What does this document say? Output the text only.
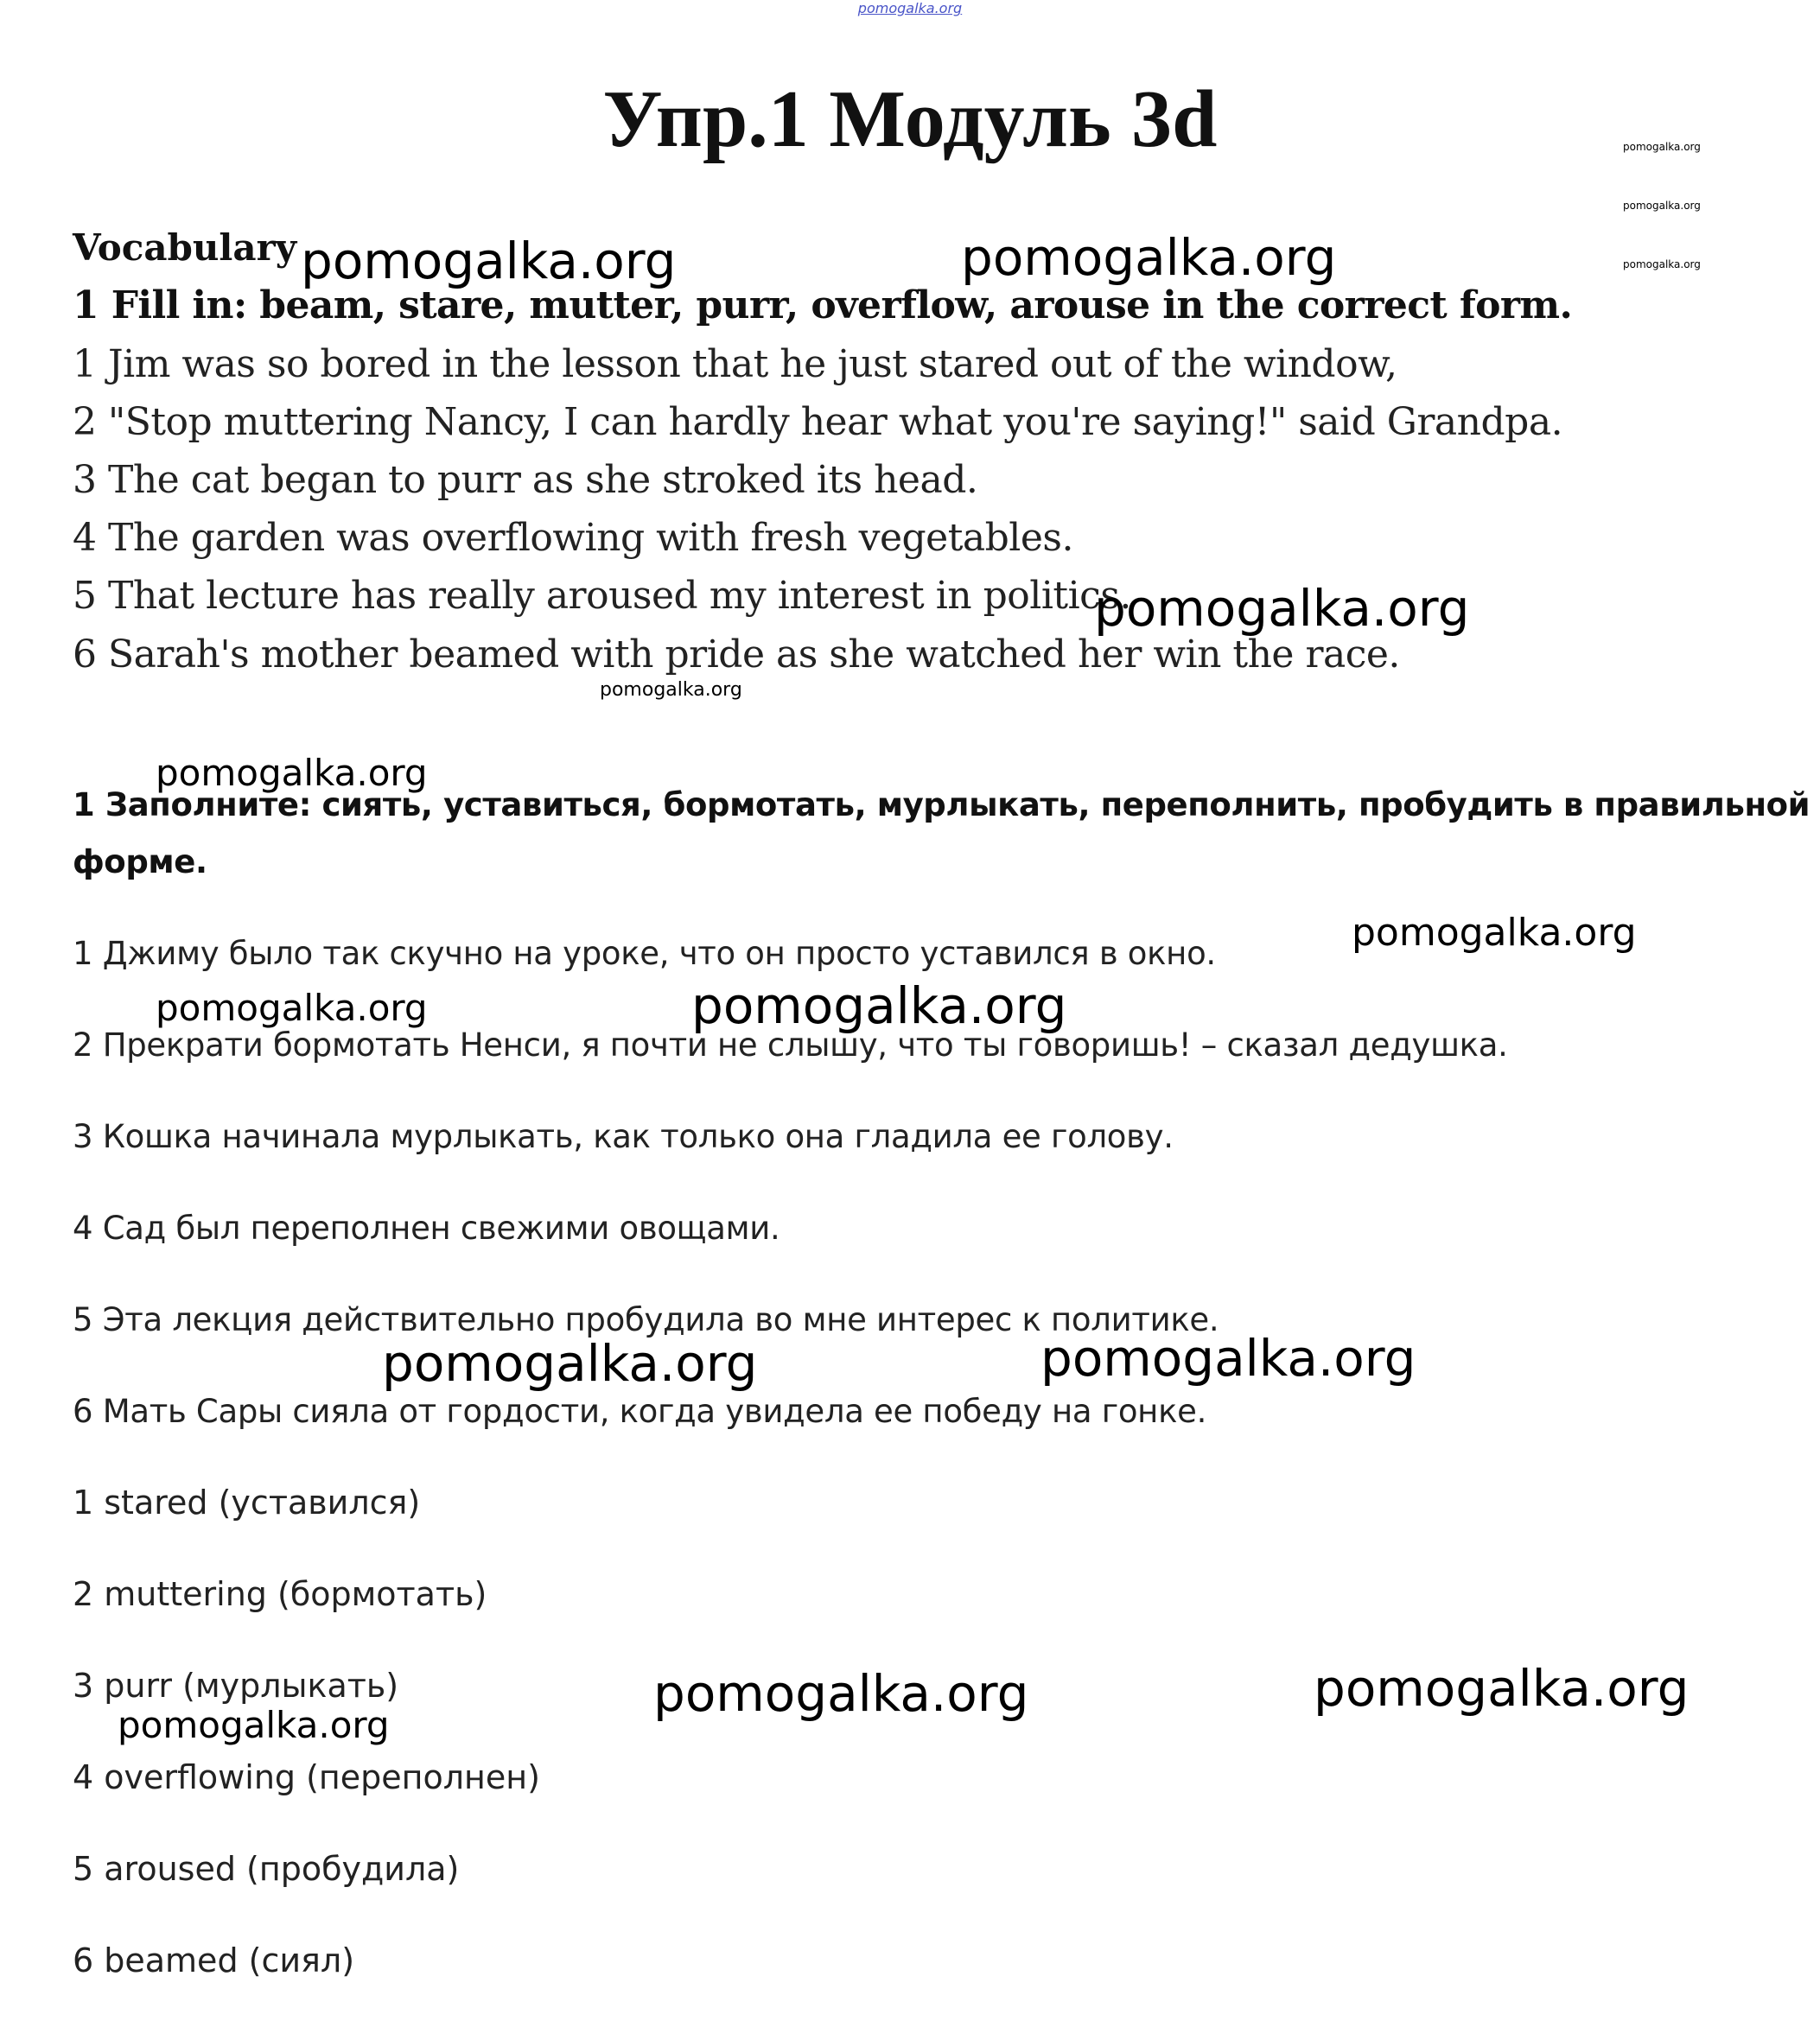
pomogalka.org
Упр.1 Модуль 3d	pomogalka.org
pomogalka.org
pomogalka.org
Vocabulary pomogalka.org	pomogalka.org
1 Fill in: beam, stare, mutter, purr, overflow, arouse in the correct form.
1 Jim was so bored in the lesson that he just stared out of the window,
2 "Stop muttering Nancy, I can hardly hear what you're saying!" said Grandpa.
3 The cat began to purr as she stroked its head.
4 The garden was overflowing with fresh vegetables.
5 That lecture has really aroused my interest in politics.
6 Sarah's mother beamed with pride as she watched her win the race.
pomogalka.org
pomogalka.org
pomogalka.org
1 Заполните: сиять, уставиться, бормотать, мурлыкать, переполнить, пробудить в правильной
форме.
pomogalka.org
1 Джиму было так скучно на уроке, что он просто уставился в окно.
pomogalka.org	pomogalka.org
2 Прекрати бормотать Ненси, я почти не слышу, что ты говоришь! – сказал дедушка.
3 Кошка начинала мурлыкать, как только она гладила ее голову.
4 Сад был переполнен свежими овощами.
5 Эта лекция действительно пробудила во мне интерес к политике.
pomogalka.org	pomogalka.org
6 Мать Сары сияла от гордости, когда увидела ее победу на гонке.
1 stared (уставился)
2 muttering (бормотать)
3 purr (мурлыкать)
pomogalka.org
pomogalka.org	pomogalka.org
4 overflowing (переполнен)
5 aroused (пробудила)
6 beamed (сиял)
